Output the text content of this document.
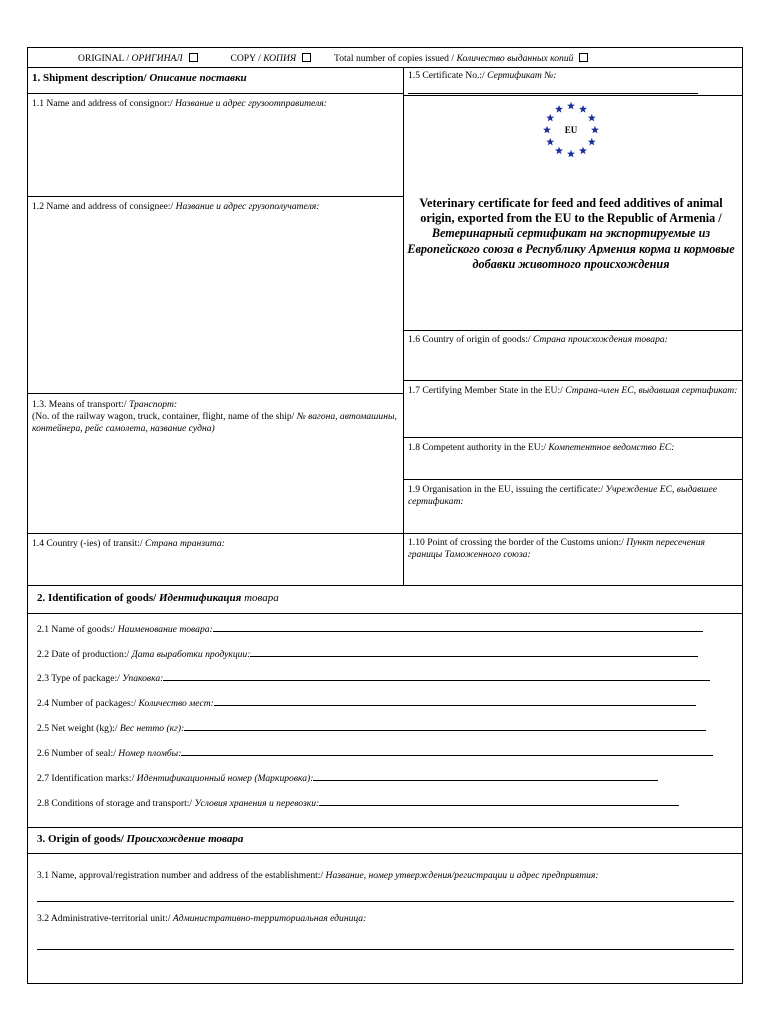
ORIGINAL / ОРИГИНАЛ	COPY / КОПИЯ	Total number of copies issued / Количество выданных копий
1. Shipment description/ Описание поставки
1.1 Name and address of consignor:/ Название и адрес грузоотправителя:
1.2 Name and address of consignee:/ Название и адрес грузополучателя:
1.3. Means of transport:/ Транспорт:
(No. of the railway wagon, truck, container, flight, name of the ship/ № вагона, автомашины, контейнера, рейс самолета, название судна)
1.4 Country (-ies) of transit:/ Страна транзита:
1.5 Certificate No.:/ Сертификат №:
EU
Veterinary certificate for feed and feed additives of animal origin, exported from the EU to the Republic of Armenia / Ветеринарный сертификат на экспортируемые из Европейского союза в Республику Армения корма и кормовые добавки животного происхождения
1.6 Country of origin of goods:/ Страна происхождения товара:
1.7 Certifying Member State in the EU:/ Страна-член ЕС, выдавшая сертификат:
1.8 Competent authority in the EU:/ Компетентное ведомство ЕС:
1.9 Organisation in the EU, issuing the certificate:/ Учреждение ЕС, выдавшее сертификат:
1.10 Point of crossing the border of the Customs union:/ Пункт пересечения границы Таможенного союза:
2. Identification of goods/ Идентификация товара
2.1 Name of goods:/ Наименование товара:
2.2 Date of production:/ Дата выработки продукции:
2.3 Type of package:/ Упаковка:
2.4 Number of packages:/ Количество мест:
2.5 Net weight (kg):/ Вес нетто (кг):
2.6 Number of seal:/ Номер пломбы:
2.7 Identification marks:/ Идентификационный номер (Маркировка):
2.8 Conditions of storage and transport:/ Условия хранения и перевозки:
3. Origin of goods/ Происхождение товара
3.1 Name, approval/registration number and address of the establishment:/ Название, номер утверждения/регистрации и адрес предприятия:
3.2 Administrative-territorial unit:/ Административно-территориальная единица:
